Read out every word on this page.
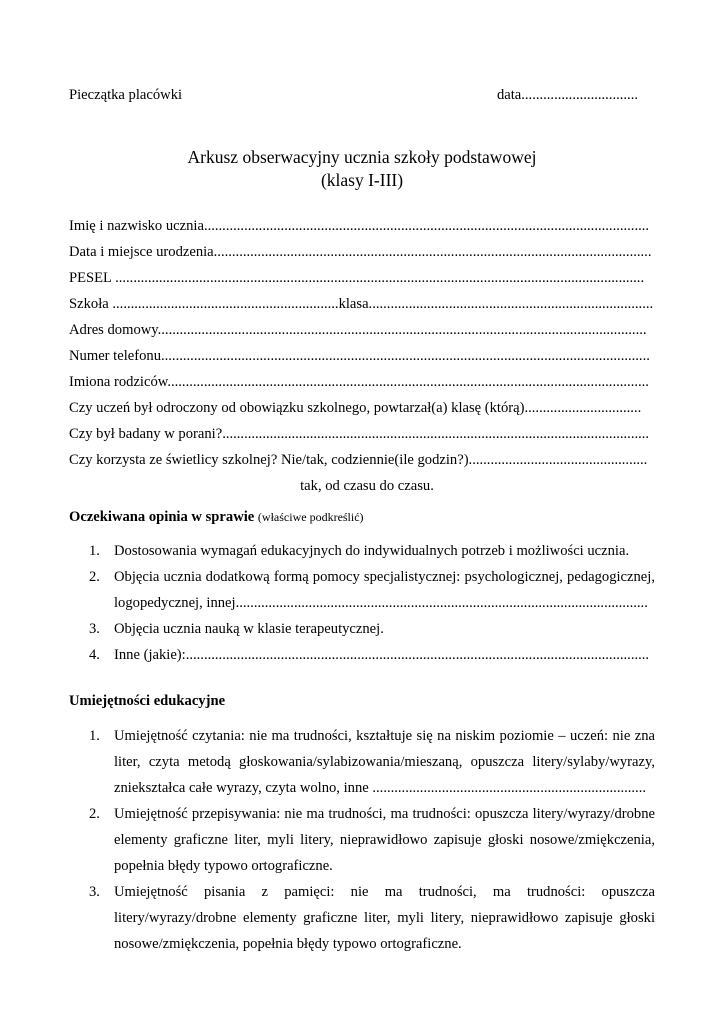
Pieczątka placówki	data................................
Arkusz obserwacyjny ucznia szkoły podstawowej
(klasy I-III)
Imię i nazwisko ucznia..........................................................................................................................
Data i miejsce urodzenia........................................................................................................................
PESEL .................................................................................................................................................
Szkoła ..............................................................klasa..............................................................................
Adres domowy......................................................................................................................................
Numer telefonu......................................................................................................................................
Imiona rodziców....................................................................................................................................
Czy uczeń był odroczony od obowiązku szkolnego, powtarzał(a) klasę (którą)................................
Czy był badany w porani?.....................................................................................................................
Czy korzysta ze świetlicy szkolnej? Nie/tak, codziennie(ile godzin?).................................................
tak, od czasu do czasu.
Oczekiwana opinia w sprawie (właściwe podkreślić)
1. Dostosowania wymagań edukacyjnych do indywidualnych potrzeb i możliwości ucznia.
2. Objęcia ucznia dodatkową formą pomocy specjalistycznej: psychologicznej, pedagogicznej, logopedycznej, innej.................................................................................................................
3. Objęcia ucznia nauką w klasie terapeutycznej.
4. Inne (jakie):...............................................................................................................................
Umiejętności edukacyjne
1. Umiejętność czytania: nie ma trudności, kształtuje się na niskim poziomie – uczeń: nie zna liter, czyta metodą głoskowania/sylabizowania/mieszaną, opuszcza litery/sylaby/wyrazy, zniekształca całe wyrazy, czyta wolno, inne ...........................................................................
2. Umiejętność przepisywania: nie ma trudności, ma trudności: opuszcza litery/wyrazy/drobne elementy graficzne liter, myli litery, nieprawidłowo zapisuje głoski nosowe/zmiękczenia, popełnia błędy typowo ortograficzne.
3. Umiejętność pisania z pamięci: nie ma trudności, ma trudności: opuszcza litery/wyrazy/drobne elementy graficzne liter, myli litery, nieprawidłowo zapisuje głoski nosowe/zmiękczenia, popełnia błędy typowo ortograficzne.
